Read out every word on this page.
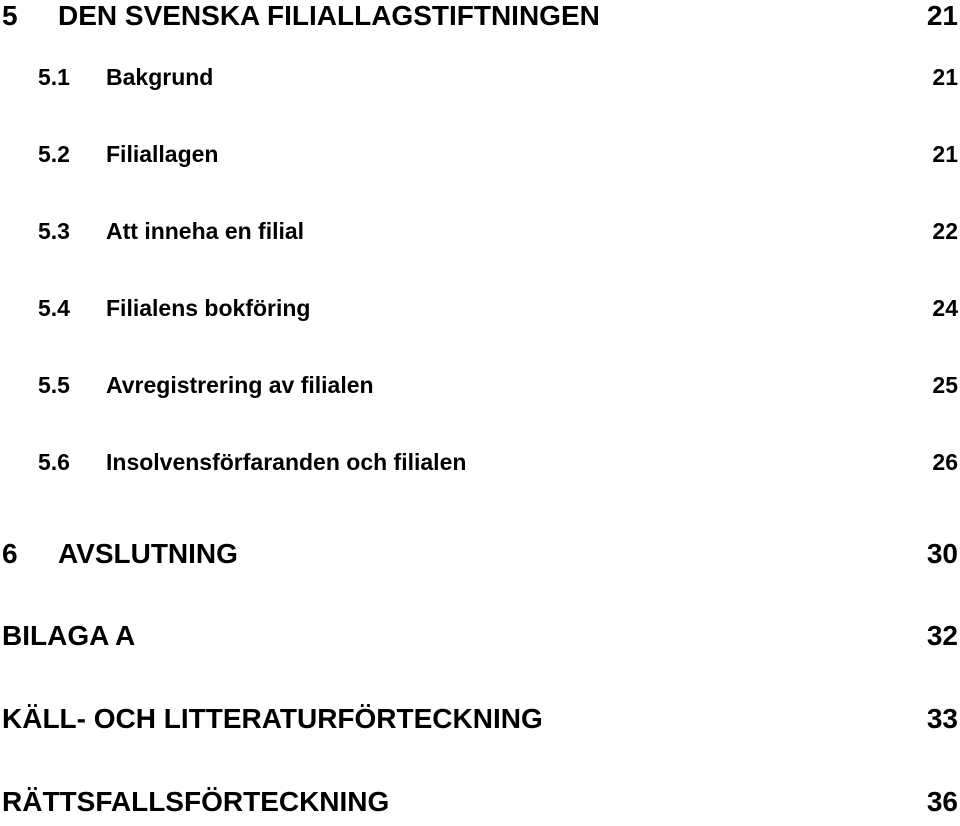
5 DEN SVENSKA FILIALLAGSTIFTNINGEN	21
5.1 Bakgrund	21
5.2 Filiallagen	21
5.3 Att inneha en filial	22
5.4 Filialens bokföring	24
5.5 Avregistrering av filialen	25
5.6 Insolvensförfaranden och filialen	26
6 AVSLUTNING	30
BILAGA A	32
KÄLL- OCH LITTERATURFÖRTECKNING	33
RÄTTSFALLSFÖRTECKNING	36
